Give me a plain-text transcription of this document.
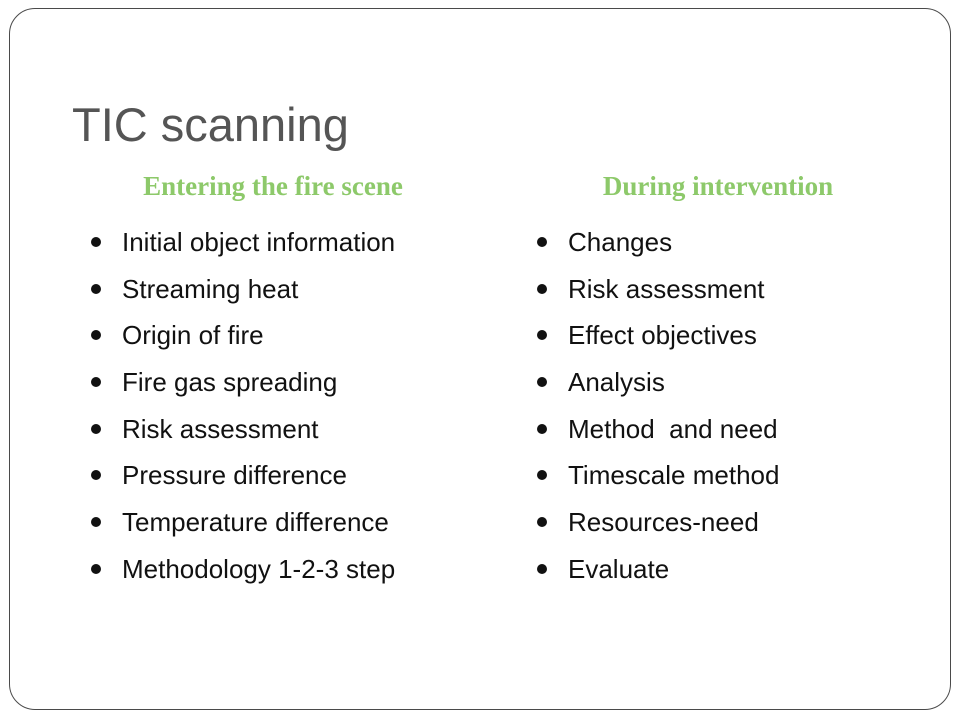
TIC scanning
Entering the fire scene
Initial object information
Streaming heat
Origin of fire
Fire gas spreading
Risk assessment
Pressure difference
Temperature difference
Methodology 1-2-3 step
During intervention
Changes
Risk assessment
Effect objectives
Analysis
Method  and need
Timescale method
Resources-need
Evaluate
